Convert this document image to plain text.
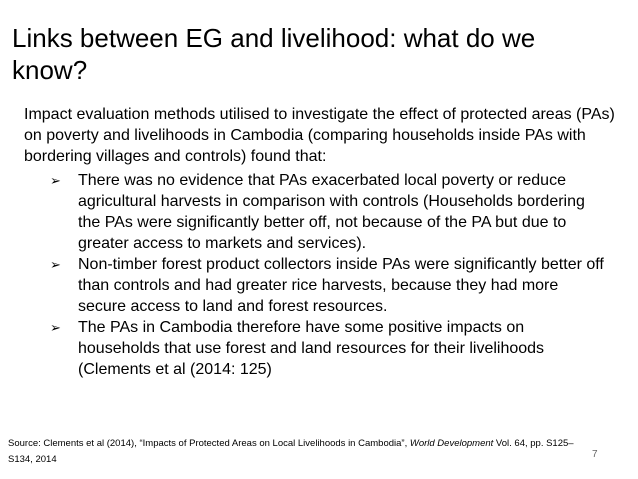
Links between EG and livelihood: what do we know?
Impact evaluation methods utilised to investigate the effect of protected areas (PAs) on poverty and livelihoods in Cambodia (comparing households inside PAs with bordering villages and controls) found that:
➢	There was no evidence that PAs exacerbated local poverty or reduce agricultural harvests in comparison with controls (Households bordering the PAs were significantly better off, not because of the PA but due to greater access to markets and services).
➢	Non-timber forest product collectors inside PAs were significantly better off than controls and had greater rice harvests, because they had more secure access to land and forest resources.
➢	The PAs in Cambodia therefore have some positive impacts on households that use forest and land resources for their livelihoods (Clements et al (2014: 125)
Source: Clements et al (2014), “Impacts of Protected Areas on Local Livelihoods in Cambodia”, World Development Vol. 64, pp. S125–S134, 2014	7
